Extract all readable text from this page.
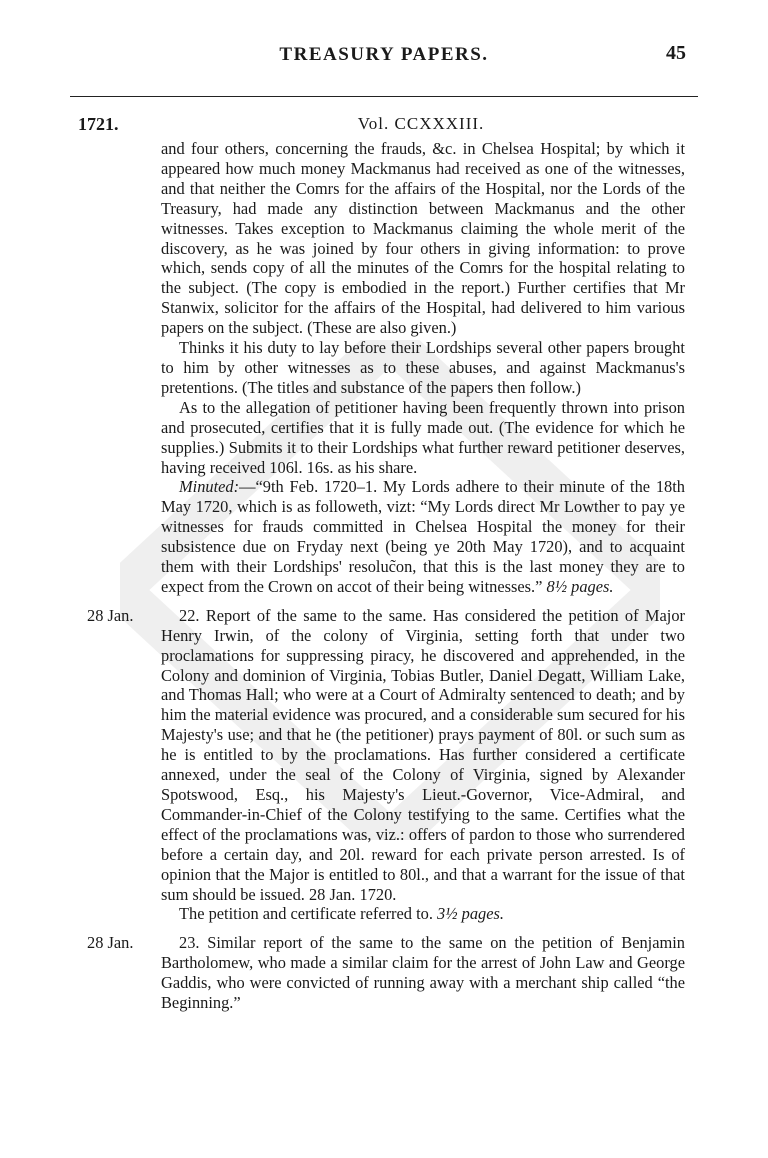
TREASURY PAPERS.	45
1721.	Vol. CCXXXIII.

and four others, concerning the frauds, &c. in Chelsea Hospital; by which it appeared how much money Mackmanus had received as one of the witnesses, and that neither the Comrs for the affairs of the Hospital, nor the Lords of the Treasury, had made any distinction between Mackmanus and the other witnesses. Takes exception to Mackmanus claiming the whole merit of the discovery, as he was joined by four others in giving information: to prove which, sends copy of all the minutes of the Comrs for the hospital relating to the subject. (The copy is embodied in the report.) Further certifies that Mr Stanwix, solicitor for the affairs of the Hospital, had delivered to him various papers on the subject. (These are also given.)

Thinks it his duty to lay before their Lordships several other papers brought to him by other witnesses as to these abuses, and against Mackmanus's pretentions. (The titles and substance of the papers then follow.)

As to the allegation of petitioner having been frequently thrown into prison and prosecuted, certifies that it is fully made out. (The evidence for which he supplies.) Submits it to their Lordships what further reward petitioner deserves, having received 106l. 16s. as his share.

Minuted:—“9th Feb. 1720–1. My Lords adhere to their minute of the 18th May 1720, which is as followeth, vizt: “My Lords direct Mr Lowther to pay ye witnesses for frauds committed in Chelsea Hospital the money for their subsistence due on Fryday next (being ye 20th May 1720), and to acquaint them with their Lordships' resoluc̃on, that this is the last money they are to expect from the Crown on accot of their being witnesses.” 8½ pages.

28 Jan.	22. Report of the same to the same. Has considered the petition of Major Henry Irwin, of the colony of Virginia, setting forth that under two proclamations for suppressing piracy, he discovered and apprehended, in the Colony and dominion of Virginia, Tobias Butler, Daniel Degatt, William Lake, and Thomas Hall; who were at a Court of Admiralty sentenced to death; and by him the material evidence was procured, and a considerable sum secured for his Majesty's use; and that he (the petitioner) prays payment of 80l. or such sum as he is entitled to by the proclamations. Has further considered a certificate annexed, under the seal of the Colony of Virginia, signed by Alexander Spotswood, Esq., his Majesty's Lieut.-Governor, Vice-Admiral, and Commander-in-Chief of the Colony testifying to the same. Certifies what the effect of the proclamations was, viz.: offers of pardon to those who surrendered before a certain day, and 20l. reward for each private person arrested. Is of opinion that the Major is entitled to 80l., and that a warrant for the issue of that sum should be issued. 28 Jan. 1720.

The petition and certificate referred to. 3½ pages.

28 Jan.	23. Similar report of the same to the same on the petition of Benjamin Bartholomew, who made a similar claim for the arrest of John Law and George Gaddis, who were convicted of running away with a merchant ship called “the Beginning.”
